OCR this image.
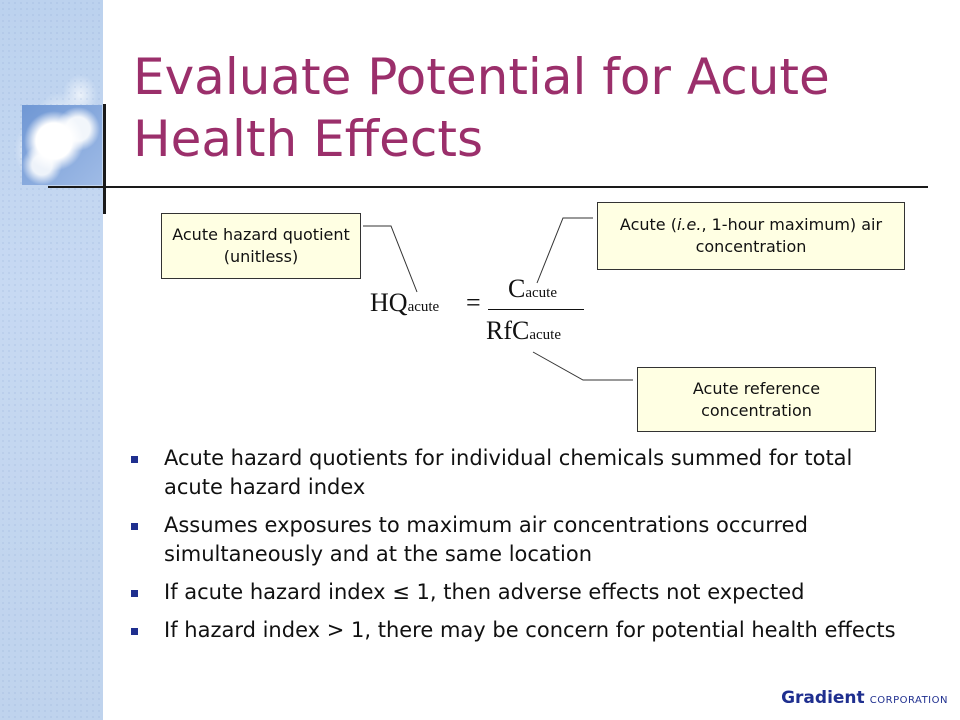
Evaluate Potential for Acute Health Effects
Acute hazard quotient (unitless)
Acute (i.e., 1-hour maximum) air concentration
Acute reference concentration
HQacute = Cacute
RfCacute
Acute hazard quotients for individual chemicals summed for total acute hazard index
Assumes exposures to maximum air concentrations occurred simultaneously and at the same location
If acute hazard index ≤ 1, then adverse effects not expected
If hazard index > 1, there may be concern for potential health effects
Gradient CORPORATION
